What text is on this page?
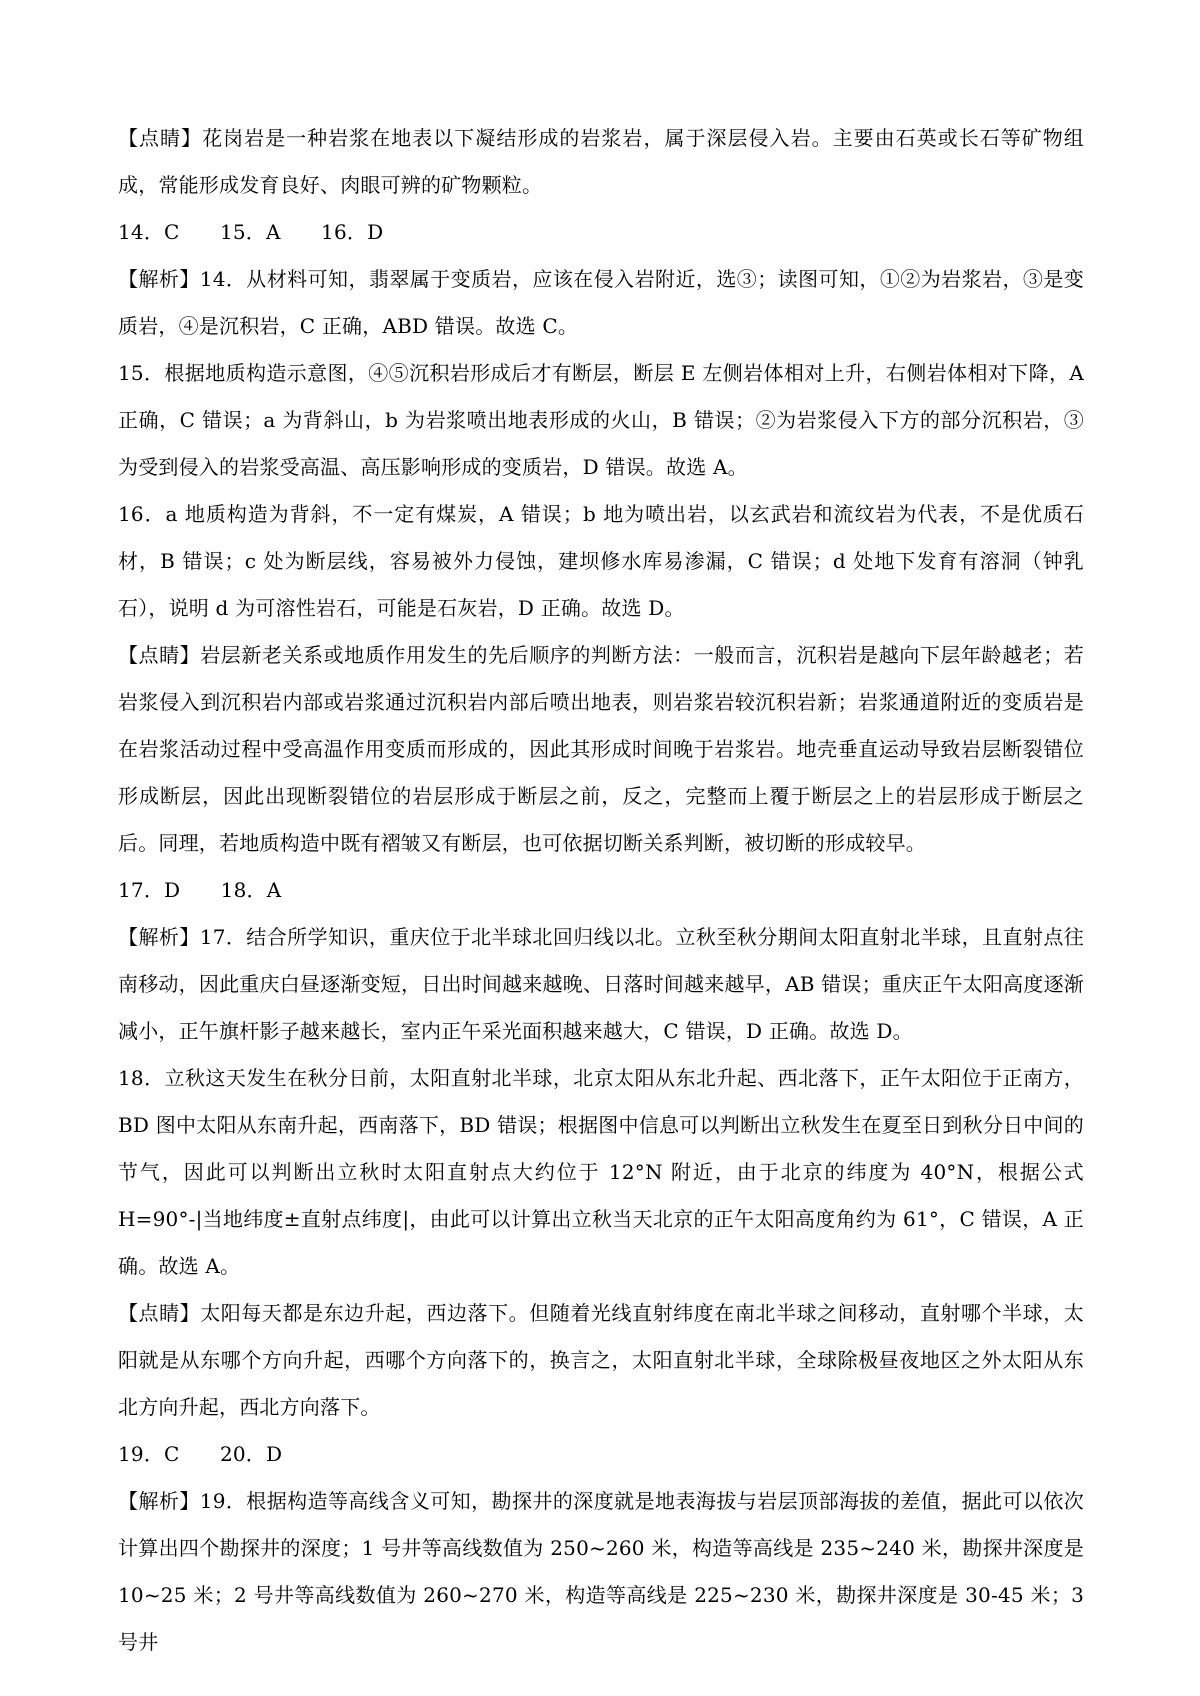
【点睛】花岗岩是一种岩浆在地表以下凝结形成的岩浆岩，属于深层侵入岩。主要由石英或长石等矿物组成，常能形成发育良好、肉眼可辨的矿物颗粒。

14．C　　15．A　　16．D

【解析】14．从材料可知，翡翠属于变质岩，应该在侵入岩附近，选③；读图可知，①②为岩浆岩，③是变质岩，④是沉积岩，C 正确，ABD 错误。故选 C。

15．根据地质构造示意图，④⑤沉积岩形成后才有断层，断层 E 左侧岩体相对上升，右侧岩体相对下降，A 正确，C 错误；a 为背斜山，b 为岩浆喷出地表形成的火山，B 错误；②为岩浆侵入下方的部分沉积岩，③为受到侵入的岩浆受高温、高压影响形成的变质岩，D 错误。故选 A。

16．a 地质构造为背斜，不一定有煤炭，A 错误；b 地为喷出岩，以玄武岩和流纹岩为代表，不是优质石材，B 错误；c 处为断层线，容易被外力侵蚀，建坝修水库易渗漏，C 错误；d 处地下发育有溶洞（钟乳石），说明 d 为可溶性岩石，可能是石灰岩，D 正确。故选 D。

【点睛】岩层新老关系或地质作用发生的先后顺序的判断方法：一般而言，沉积岩是越向下层年龄越老；若岩浆侵入到沉积岩内部或岩浆通过沉积岩内部后喷出地表，则岩浆岩较沉积岩新；岩浆通道附近的变质岩是在岩浆活动过程中受高温作用变质而形成的，因此其形成时间晚于岩浆岩。地壳垂直运动导致岩层断裂错位形成断层，因此出现断裂错位的岩层形成于断层之前，反之，完整而上覆于断层之上的岩层形成于断层之后。同理，若地质构造中既有褶皱又有断层，也可依据切断关系判断，被切断的形成较早。

17．D　　18．A

【解析】17．结合所学知识，重庆位于北半球北回归线以北。立秋至秋分期间太阳直射北半球，且直射点往南移动，因此重庆白昼逐渐变短，日出时间越来越晚、日落时间越来越早，AB 错误；重庆正午太阳高度逐渐减小，正午旗杆影子越来越长，室内正午采光面积越来越大，C 错误，D 正确。故选 D。

18．立秋这天发生在秋分日前，太阳直射北半球，北京太阳从东北升起、西北落下，正午太阳位于正南方，BD 图中太阳从东南升起，西南落下，BD 错误；根据图中信息可以判断出立秋发生在夏至日到秋分日中间的节气，因此可以判断出立秋时太阳直射点大约位于 12°N 附近，由于北京的纬度为 40°N，根据公式 H=90°-|当地纬度±直射点纬度|，由此可以计算出立秋当天北京的正午太阳高度角约为 61°，C 错误，A 正确。故选 A。

【点睛】太阳每天都是东边升起，西边落下。但随着光线直射纬度在南北半球之间移动，直射哪个半球，太阳就是从东哪个方向升起，西哪个方向落下的，换言之，太阳直射北半球，全球除极昼夜地区之外太阳从东北方向升起，西北方向落下。

19．C　　20．D

【解析】19．根据构造等高线含义可知，勘探井的深度就是地表海拔与岩层顶部海拔的差值，据此可以依次计算出四个勘探井的深度；1 号井等高线数值为 250~260 米，构造等高线是 235~240 米，勘探井深度是 10~25 米；2 号井等高线数值为 260~270 米，构造等高线是 225~230 米，勘探井深度是 30-45 米；3 号井
